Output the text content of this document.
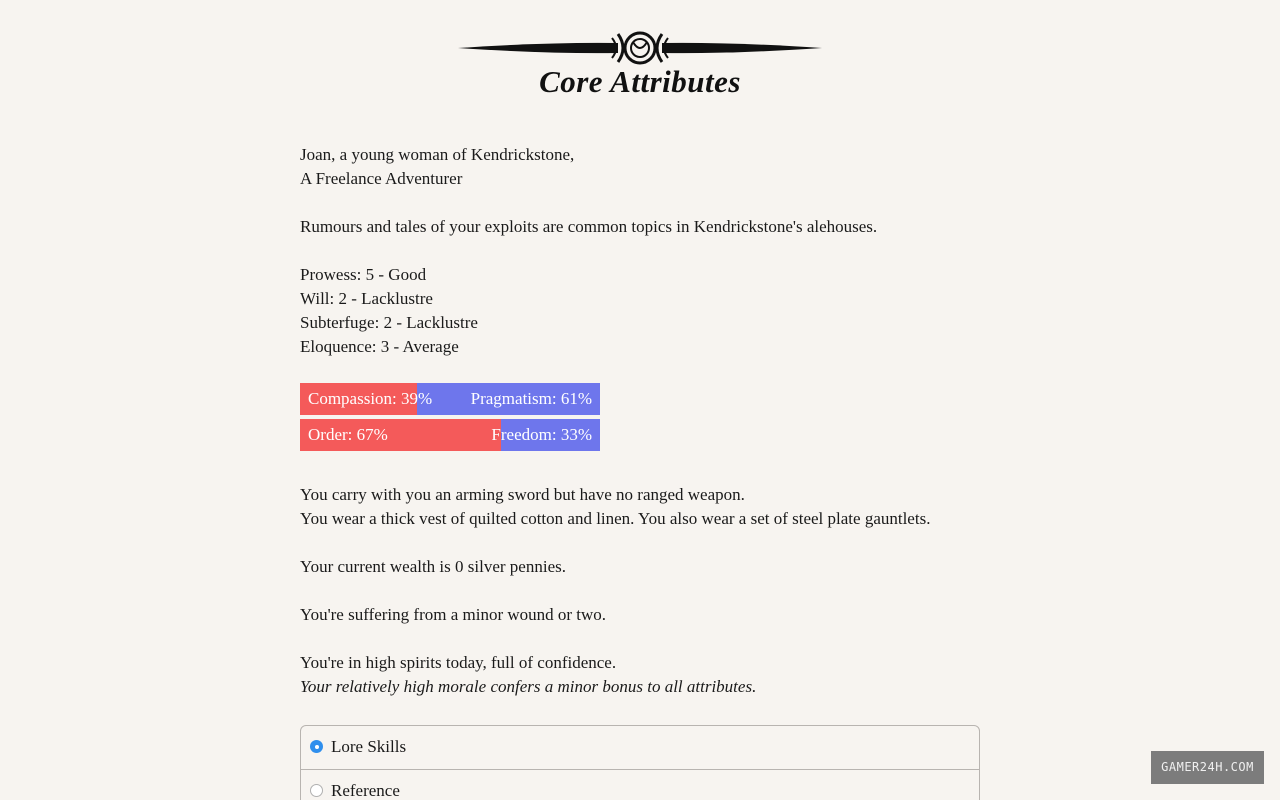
Core Attributes
Joan, a young woman of Kendrickstone,
A Freelance Adventurer
Rumours and tales of your exploits are common topics in Kendrickstone's alehouses.
Prowess: 5 - Good
Will: 2 - Lacklustre
Subterfuge: 2 - Lacklustre
Eloquence: 3 - Average
Compassion: 39% Pragmatism: 61%
Order: 67%	Freedom: 33%
You carry with you an arming sword but have no ranged weapon.
You wear a thick vest of quilted cotton and linen. You also wear a set of steel plate gauntlets.
Your current wealth is 0 silver pennies.
You're suffering from a minor wound or two.
You're in high spirits today, full of confidence.
Your relatively high morale confers a minor bonus to all attributes.
Lore Skills
Reference
GAMER24H.COM
